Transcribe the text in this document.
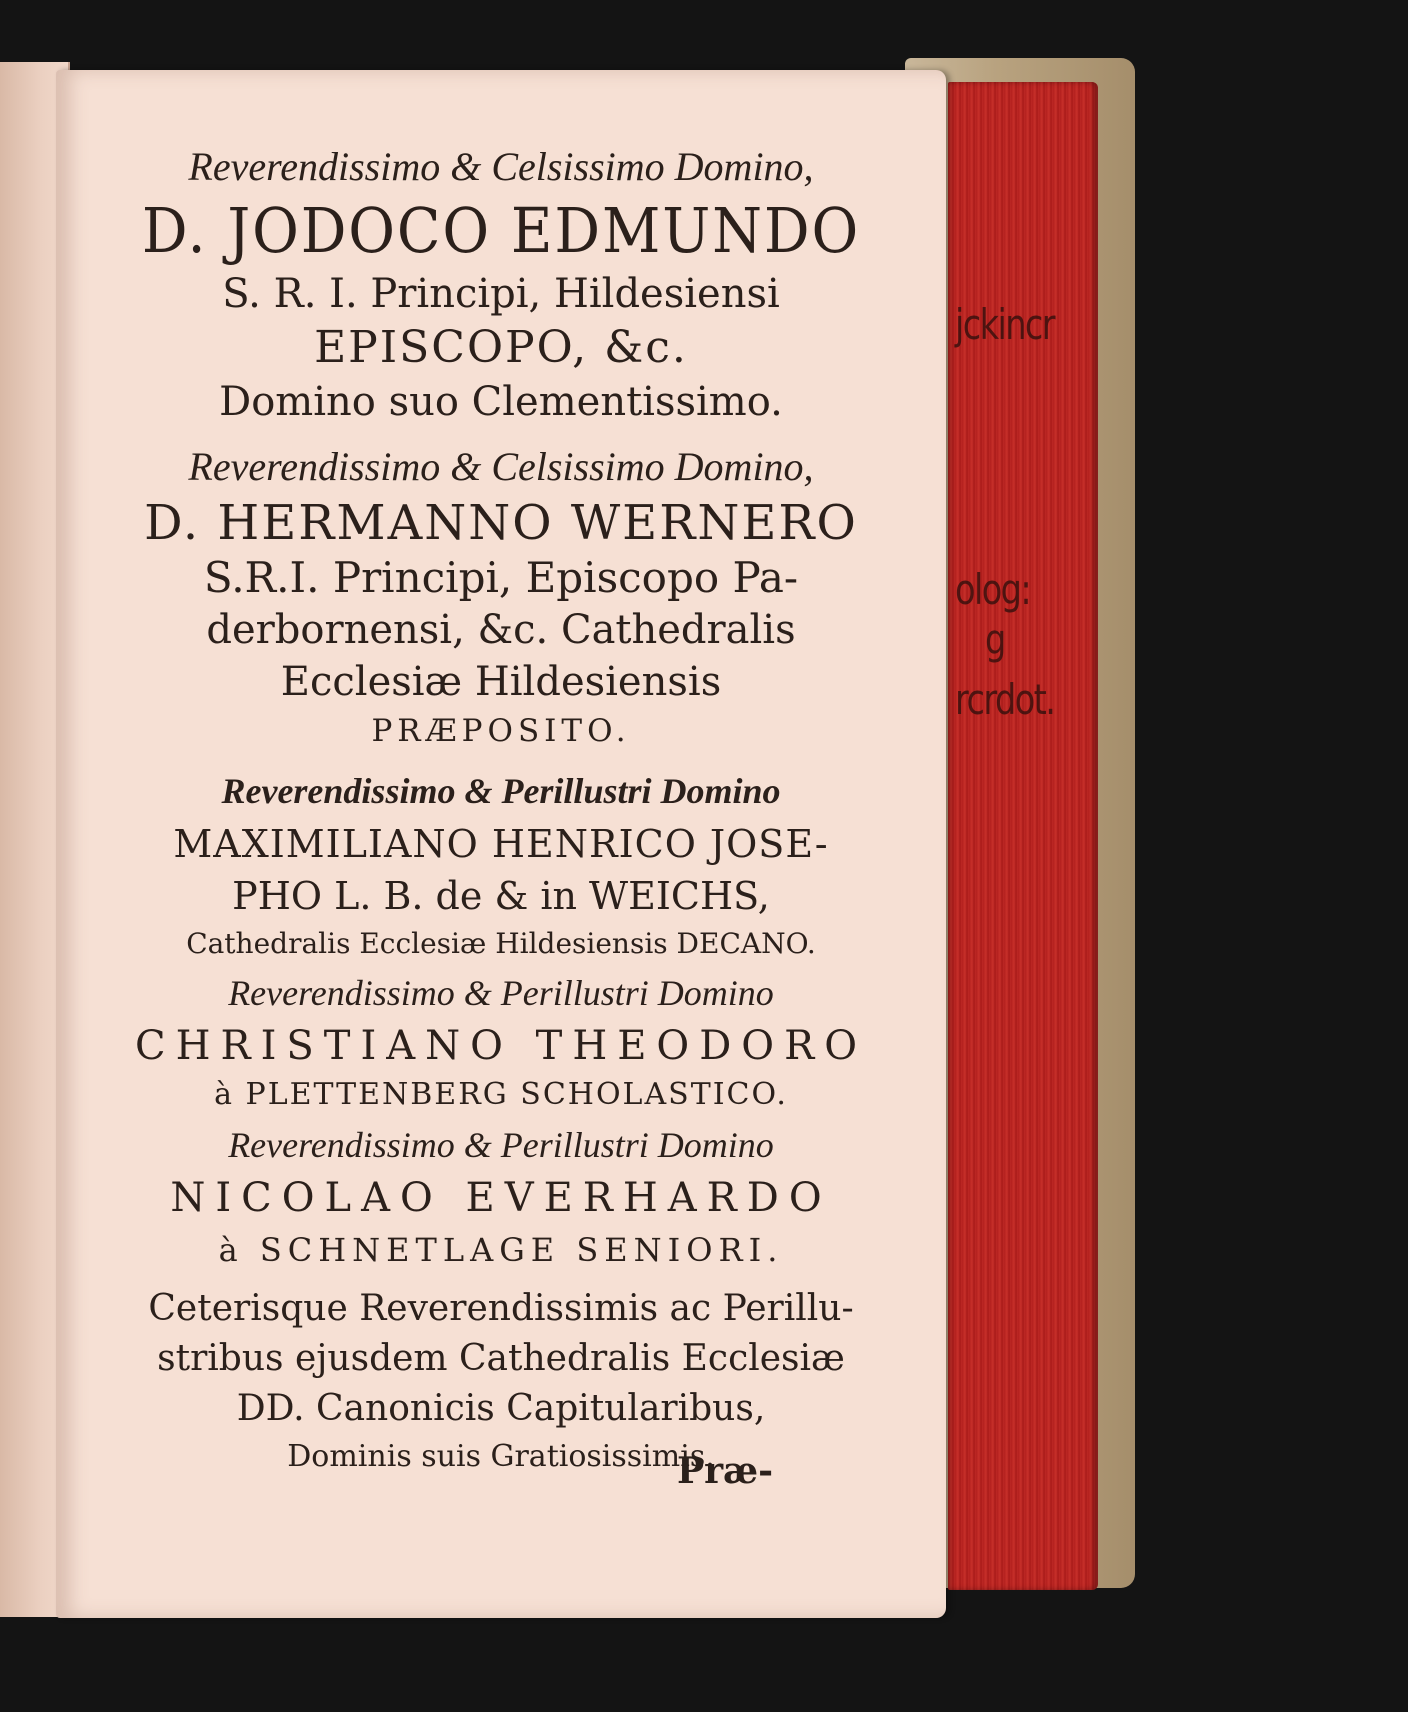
jckincr
olog:
g
rcrdot.
Reverendissimo & Celsissimo Domino,
D. JODOCO EDMUNDO
S. R. I. Principi, Hildesiensi
EPISCOPO, &c.
Domino suo Clementissimo.
Reverendissimo & Celsissimo Domino,
D. HERMANNO WERNERO
S.R.I. Principi, Episcopo Pa-
derbornensi, &c. Cathedralis
Ecclesiæ Hildesiensis
PRÆPOSITO.
Reverendissimo & Perillustri Domino
MAXIMILIANO HENRICO JOSE-
PHO L. B. de & in WEICHS,
Cathedralis Ecclesiæ Hildesiensis DECANO.
Reverendissimo & Perillustri Domino
CHRISTIANO THEODORO
à PLETTENBERG SCHOLASTICO.
Reverendissimo & Perillustri Domino
NICOLAO EVERHARDO
à SCHNETLAGE SENIORI.
Ceterisque Reverendissimis ac Perillu-
stribus ejusdem Cathedralis Ecclesiæ
DD. Canonicis Capitularibus,
Dominis suis Gratiosissimis.
Præ-
